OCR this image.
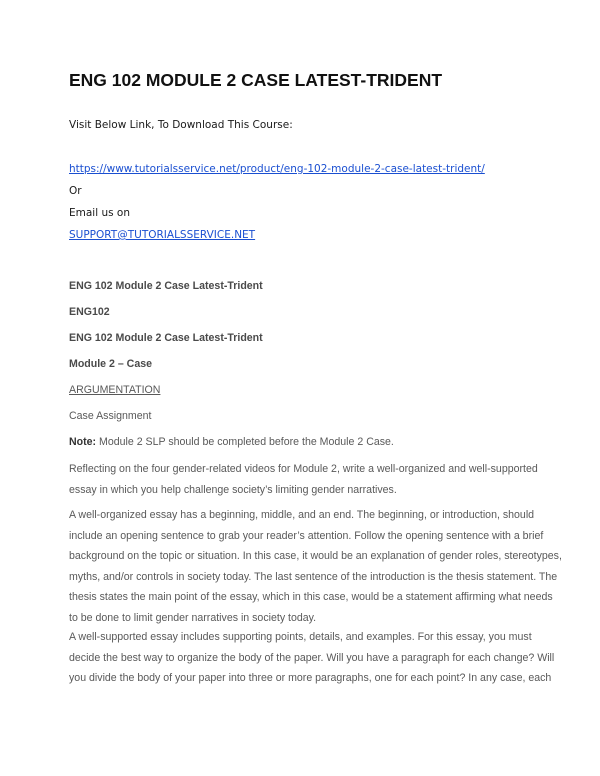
ENG 102 MODULE 2 CASE LATEST-TRIDENT
Visit Below Link, To Download This Course:
https://www.tutorialsservice.net/product/eng-102-module-2-case-latest-trident/
Or
Email us on
SUPPORT@TUTORIALSSERVICE.NET
ENG 102 Module 2 Case Latest-Trident
ENG102
ENG 102 Module 2 Case Latest-Trident
Module 2 – Case
ARGUMENTATION
Case Assignment
Note: Module 2 SLP should be completed before the Module 2 Case.
Reflecting on the four gender-related videos for Module 2, write a well-organized and well-supported
essay in which you help challenge society’s limiting gender narratives.
A well-organized essay has a beginning, middle, and an end. The beginning, or introduction, should
include an opening sentence to grab your reader’s attention. Follow the opening sentence with a brief
background on the topic or situation. In this case, it would be an explanation of gender roles, stereotypes,
myths, and/or controls in society today. The last sentence of the introduction is the thesis statement. The
thesis states the main point of the essay, which in this case, would be a statement affirming what needs
to be done to limit gender narratives in society today.
A well-supported essay includes supporting points, details, and examples. For this essay, you must
decide the best way to organize the body of the paper. Will you have a paragraph for each change? Will
you divide the body of your paper into three or more paragraphs, one for each point? In any case, each
